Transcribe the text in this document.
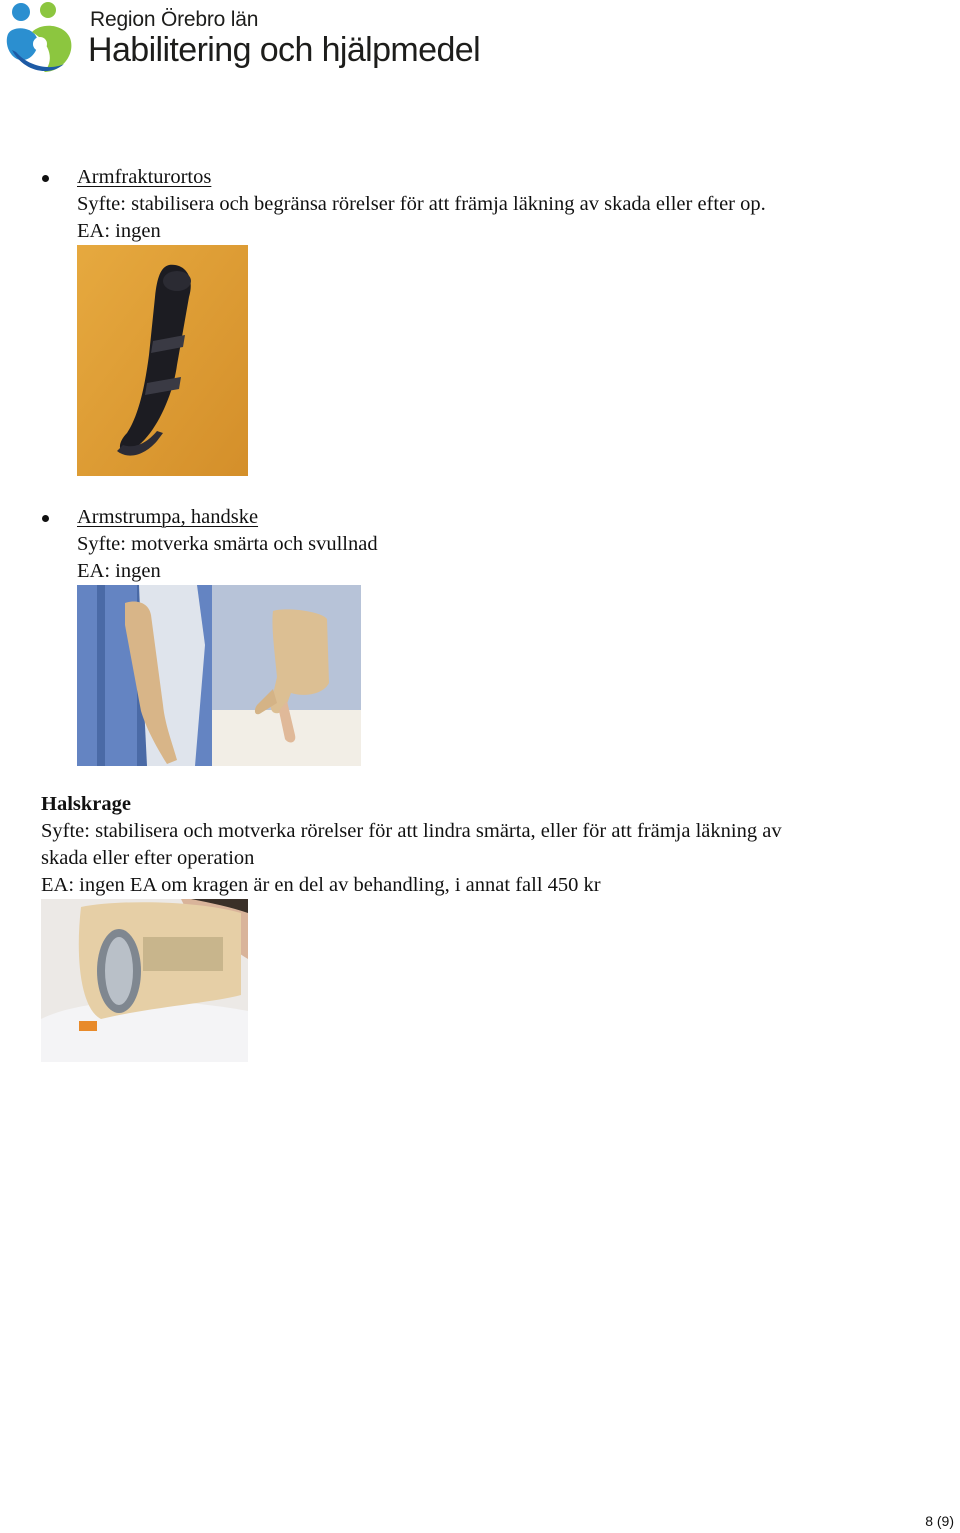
Region Örebro län
Habilitering och hjälpmedel
Armfrakturortos
Syfte: stabilisera och begränsa rörelser för att främja läkning av skada eller efter op.
EA: ingen
Armstrumpa, handske
Syfte: motverka smärta och svullnad
EA: ingen
Halskrage
Syfte: stabilisera och motverka rörelser för att lindra smärta, eller för att främja läkning av
skada eller efter operation
EA: ingen EA om kragen är en del av behandling, i annat fall 450 kr
8 (9)
